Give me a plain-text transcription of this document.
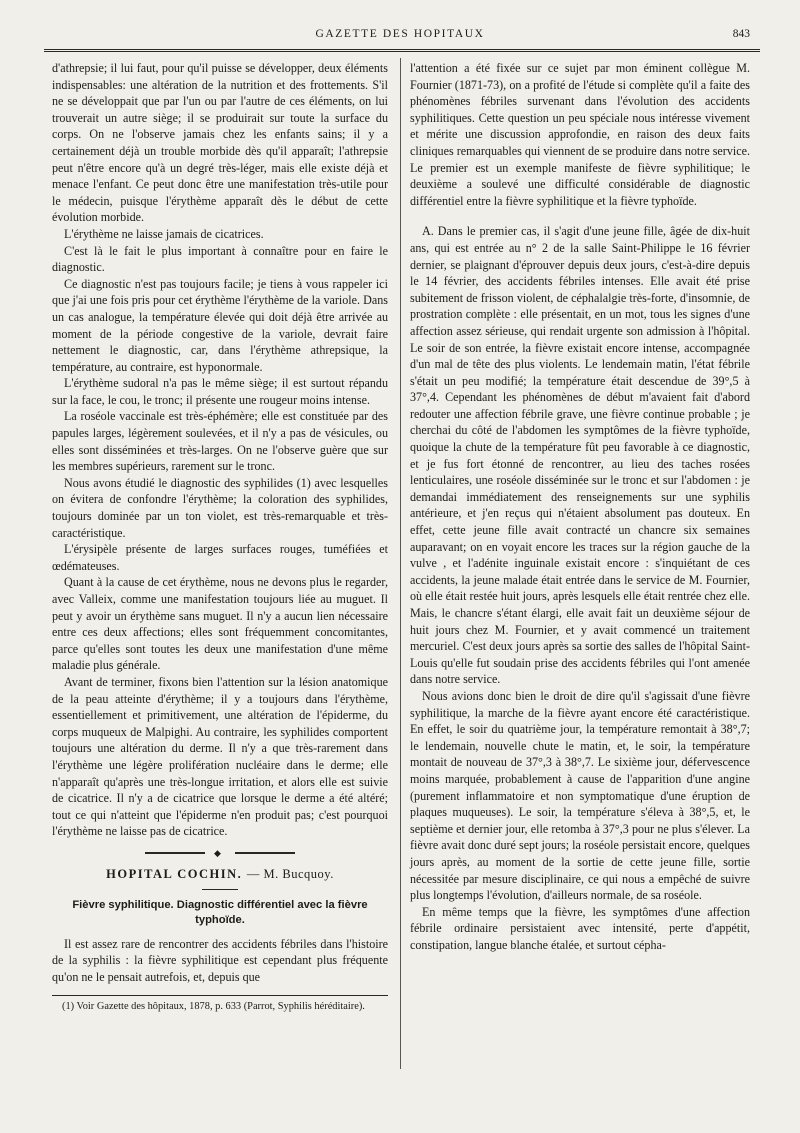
GAZETTE DES HOPITAUX	843

d'athrepsie; il lui faut, pour qu'il puisse se développer, deux éléments indispensables: une altération de la nutrition et des frottements. S'il ne se développait que par l'un ou par l'autre de ces éléments, on lui trouverait un autre siège; il se produirait sur toute la surface du corps. On ne l'observe jamais chez les enfants sains; il y a certainement déjà un trouble morbide dès qu'il apparaît; l'athrepsie peut n'être encore qu'à un degré très-léger, mais elle existe déjà et menace l'enfant. Ce peut donc être une manifestation très-utile pour le médecin, puisque l'érythème apparaît dès le début de cette évolution morbide.

L'érythème ne laisse jamais de cicatrices.

C'est là le fait le plus important à connaître pour en faire le diagnostic.

Ce diagnostic n'est pas toujours facile; je tiens à vous rappeler ici que j'ai une fois pris pour cet érythème l'érythème de la variole. Dans un cas analogue, la température élevée qui doit déjà être arrivée au moment de la période congestive de la variole, devrait faire nettement le diagnostic, car, dans l'érythème athrepsique, la température, au contraire, est hyponormale.

L'érythème sudoral n'a pas le même siège; il est surtout répandu sur la face, le cou, le tronc; il présente une rougeur moins intense.

La roséole vaccinale est très-éphémère; elle est constituée par des papules larges, légèrement soulevées, et il n'y a pas de vésicules, ou elles sont disséminées et très-larges. On ne l'observe guère que sur les membres supérieurs, rarement sur le tronc.

Nous avons étudié le diagnostic des syphilides (1) avec lesquelles on évitera de confondre l'érythème; la coloration des syphilides, toujours dominée par un ton violet, est très-remarquable et très-caractéristique.

L'érysipèle présente de larges surfaces rouges, tuméfiées et œdémateuses.

Quant à la cause de cet érythème, nous ne devons plus le regarder, avec Valleix, comme une manifestation toujours liée au muguet. Il peut y avoir un érythème sans muguet. Il n'y a aucun lien nécessaire entre ces deux affections; elles sont fréquemment concomitantes, parce qu'elles sont toutes les deux une manifestation d'une même maladie plus générale.

Avant de terminer, fixons bien l'attention sur la lésion anatomique de la peau atteinte d'érythème; il y a toujours dans l'érythème, essentiellement et primitivement, une altération de l'épiderme, du corps muqueux de Malpighi. Au contraire, les syphilides comportent toujours une altération du derme. Il n'y a que très-rarement dans l'érythème une légère prolifération nucléaire dans le derme; elle n'apparaît qu'après une très-longue irritation, et alors elle est suivie de cicatrice. Il n'y a de cicatrice que lorsque le derme a été altéré; tout ce qui n'atteint que l'épiderme n'en produit pas; c'est pourquoi l'érythème ne laisse pas de cicatrice.

◆
HOPITAL COCHIN. — M. Bucquoy.
Fièvre syphilitique. Diagnostic différentiel avec la fièvre typhoïde.

Il est assez rare de rencontrer des accidents fébriles dans l'histoire de la syphilis : la fièvre syphilitique est cependant plus fréquente qu'on ne le pensait autrefois, et, depuis que

(1) Voir Gazette des hôpitaux, 1878, p. 633 (Parrot, Syphilis héréditaire).

l'attention a été fixée sur ce sujet par mon éminent collègue M. Fournier (1871-73), on a profité de l'étude si complète qu'il a faite des phénomènes fébriles survenant dans l'évolution des accidents syphilitiques. Cette question un peu spéciale nous intéresse vivement et mérite une discussion approfondie, en raison des deux faits cliniques remarquables qui viennent de se produire dans notre service. Le premier est un exemple manifeste de fièvre syphilitique; le deuxième a soulevé une difficulté considérable de diagnostic différentiel entre la fièvre syphilitique et la fièvre typhoïde.

A. Dans le premier cas, il s'agit d'une jeune fille, âgée de dix-huit ans, qui est entrée au n° 2 de la salle Saint-Philippe le 16 février dernier, se plaignant d'éprouver depuis deux jours, c'est-à-dire depuis le 14 février, des accidents fébriles intenses. Elle avait été prise subitement de frisson violent, de céphalalgie très-forte, d'insomnie, de prostration complète : elle présentait, en un mot, tous les signes d'une affection assez sérieuse, qui rendait urgente son admission à l'hôpital. Le soir de son entrée, la fièvre existait encore intense, accompagnée d'un mal de tête des plus violents. Le lendemain matin, l'état fébrile s'était un peu modifié; la température était descendue de 39°,5 à 37°,4. Cependant les phénomènes de début m'avaient fait d'abord redouter une affection fébrile grave, une fièvre continue probable ; je cherchai du côté de l'abdomen les symptômes de la fièvre typhoïde, quoique la chute de la température fût peu favorable à ce diagnostic, et je fus fort étonné de rencontrer, au lieu des taches rosées lenticulaires, une roséole disséminée sur le tronc et sur l'abdomen : je demandai immédiatement des renseignements sur une syphilis antérieure, et j'en reçus qui n'étaient absolument pas douteux. En effet, cette jeune fille avait contracté un chancre six semaines auparavant; on en voyait encore les traces sur la région gauche de la vulve , et l'adénite inguinale existait encore : s'inquiétant de ces accidents, la jeune malade était entrée dans le service de M. Fournier, où elle était restée huit jours, après lesquels elle était rentrée chez elle. Mais, le chancre s'étant élargi, elle avait fait un deuxième séjour de huit jours chez M. Fournier, et y avait commencé un traitement mercuriel. C'est deux jours après sa sortie des salles de l'hôpital Saint-Louis qu'elle fut soudain prise des accidents fébriles qui l'ont amenée dans notre service.

Nous avions donc bien le droit de dire qu'il s'agissait d'une fièvre syphilitique, la marche de la fièvre ayant encore été caractéristique. En effet, le soir du quatrième jour, la température remontait à 38°,7; le lendemain, nouvelle chute le matin, et, le soir, la température montait de nouveau de 37°,3 à 38°,7. Le sixième jour, défervescence moins marquée, probablement à cause de l'apparition d'une angine (purement inflammatoire et non symptomatique d'une éruption de plaques muqueuses). Le soir, la température s'éleva à 38°,5, et, le septième et dernier jour, elle retomba à 37°,3 pour ne plus s'élever. La fièvre avait donc duré sept jours; la roséole persistait encore, quelques jours après, au moment de la sortie de cette jeune fille, sortie nécessitée par mesure disciplinaire, ce qui nous a empêché de suivre plus longtemps l'évolution, d'ailleurs normale, de sa roséole.

En même temps que la fièvre, les symptômes d'une affection fébrile ordinaire persistaient avec intensité, perte d'appétit, constipation, langue blanche étalée, et surtout cépha-
